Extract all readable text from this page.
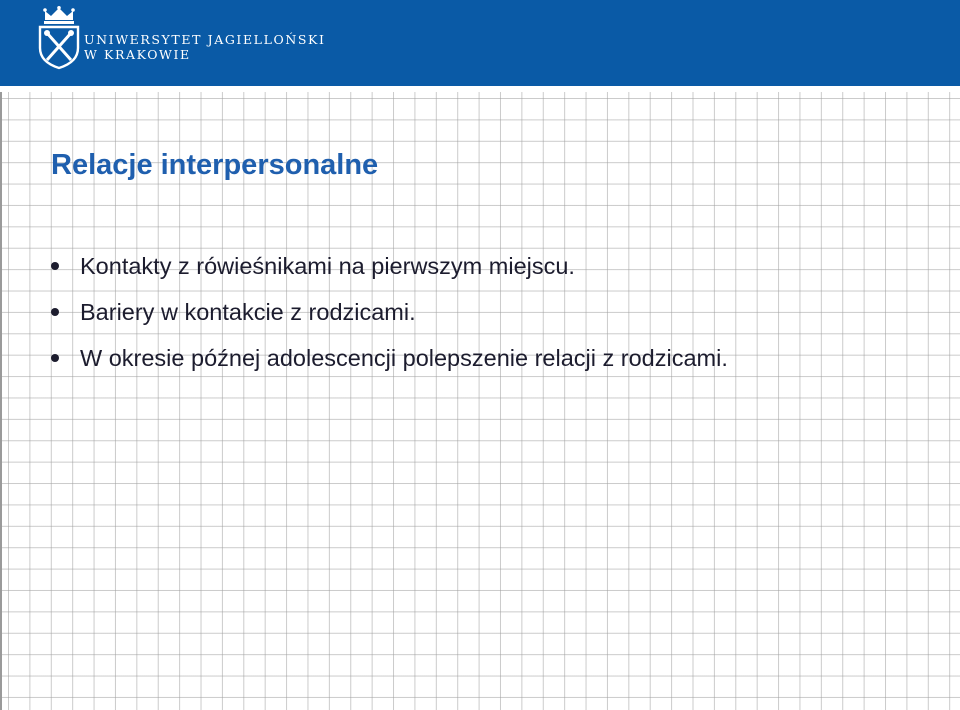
UNIWERSYTET JAGIELLOŃSKI
W KRAKOWIE
Relacje interpersonalne
Kontakty z rówieśnikami na pierwszym miejscu.
Bariery w kontakcie z rodzicami.
W okresie późnej adolescencji polepszenie relacji z rodzicami.
